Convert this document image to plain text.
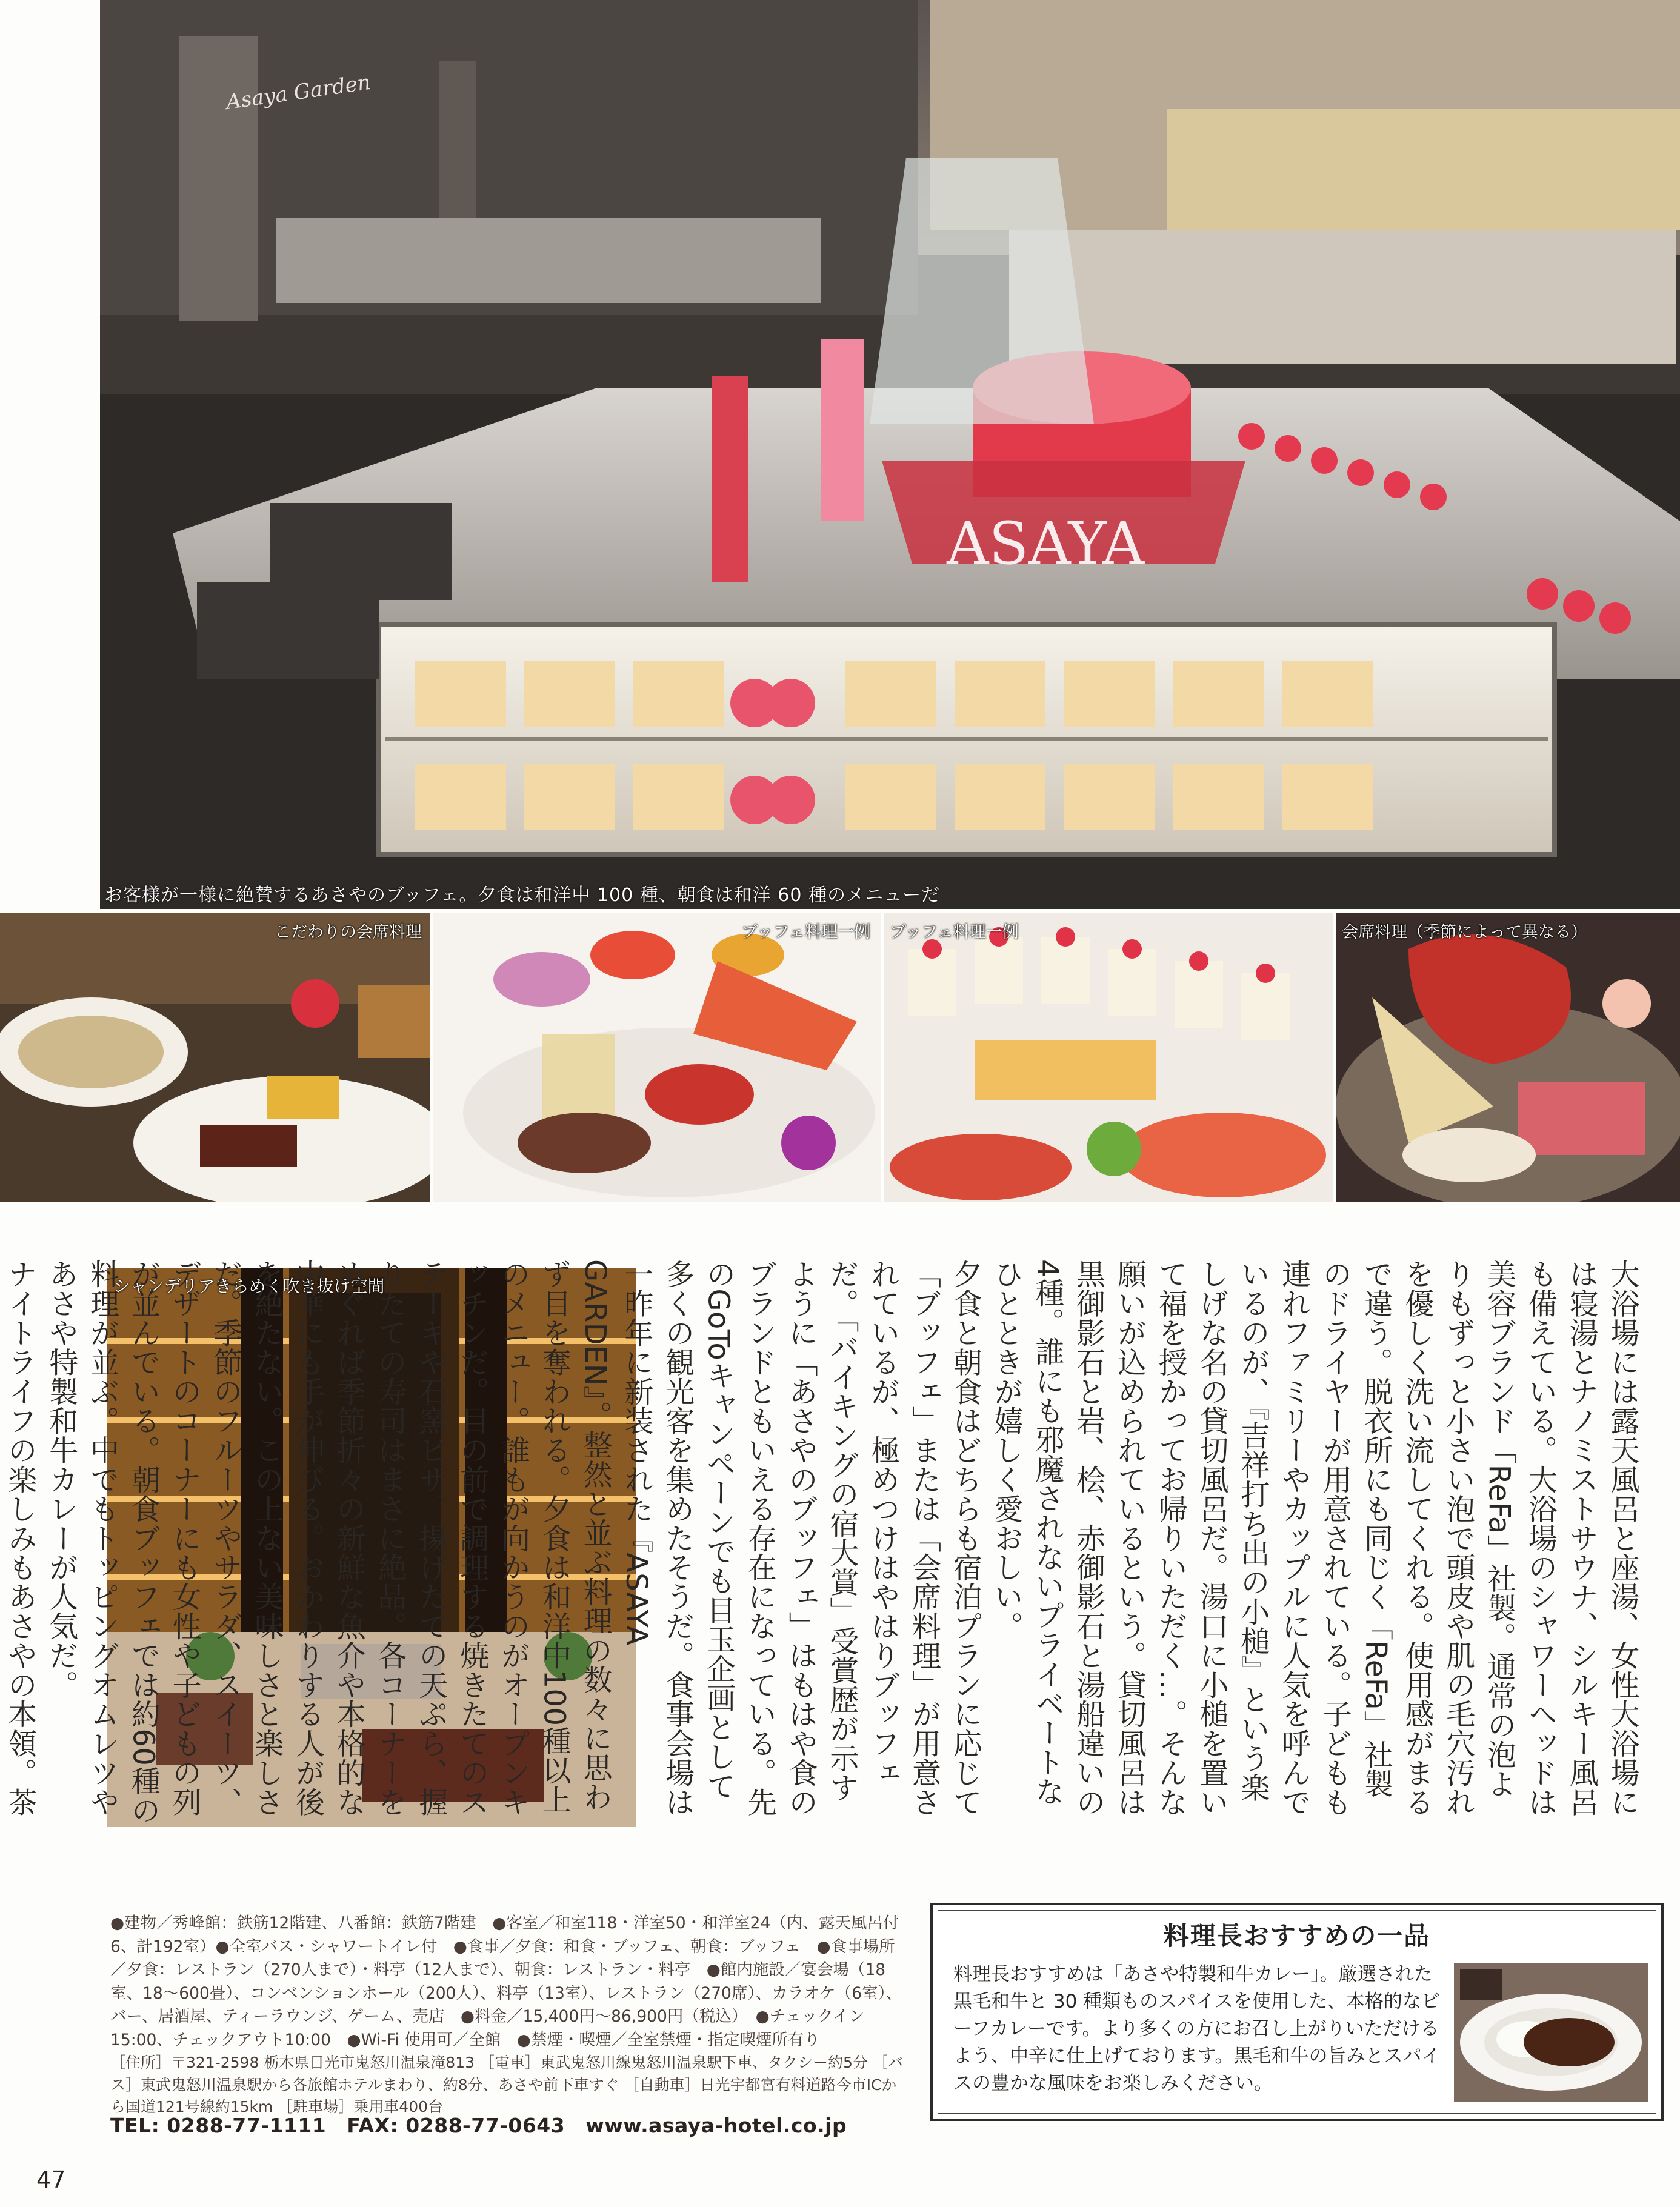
ASAYA
Asaya Garden
お客様が一様に絶賛するあさやのブッフェ。夕食は和洋中 100 種、朝食は和洋 60 種のメニューだ
こだわりの会席料理	ブッフェ料理一例 ブッフェ料理一例	会席料理（季節によって異なる）
シャンデリアきらめく吹き抜け空間	大浴場には露天風呂と座湯、女性大浴場には寝湯とナノミストサウナ、シルキー風呂も備えている。大浴場のシャワーヘッドは美容ブランド「ReFa」社製。通常の泡よりもずっと小さい泡で頭皮や肌の毛穴汚れを優しく洗い流してくれる。使用感がまるで違う。脱衣所にも同じく「ReFa」社製のドライヤーが用意されている。子どもも連れファミリーやカップルに人気を呼んでいるのが、『吉祥打ち出の小槌』という楽しげな名の貸切風呂だ。湯口に小槌を置いて福を授かってお帰りいただく…。そんな願いが込められているという。貸切風呂は黒御影石と岩、桧、赤御影石と湯船違いの4種。誰にも邪魔されないプライベートなひとときが嬉しく愛おしい。

夕食と朝食はどちらも宿泊プランに応じて「ブッフェ」または「会席料理」が用意されているが、極めつけはやはりブッフェだ。「バイキングの宿大賞」受賞歴が示すように「あさやのブッフェ」はもはや食のブランドともいえる存在になっている。先のGoToキャンペーンでも目玉企画として多くの観光客を集めたそうだ。食事会場は一昨年に新装された『ASAYA GARDEN』。整然と並ぶ料理の数々に思わず目を奪われる。夕食は和洋中100種以上のメニュー。誰もが向かうのがオープンキッチンだ。目の前で調理する焼きたてのステーキや石窯ピザ、揚げたての天ぷら、握りたての寿司はまさに絶品。各コーナーをめぐれば季節折々の新鮮な魚介や本格的な中華にも手が伸びる。おかわりする人が後を絶たない。この上ない美味しさと楽しさだ。季節のフルーツやサラダ、スイーツ、デザートのコーナーにも女性や子どもの列が並んでいる。朝食ブッフェでは約60種の料理が並ぶ。中でもトッピングオムレツやあさや特製和牛カレーが人気だ。

ナイトライフの楽しみもあさやの本領。茶

●建物／秀峰館：鉄筋12階建、八番館：鉄筋7階建　●客室／和室118・洋室50・和洋室24（内、露天風呂付6、計192室）●全室バス・シャワートイレ付　●食事／夕食：和食・ブッフェ、朝食：ブッフェ　●食事場所／夕食：レストラン（270人まで）・料亭（12人まで）、朝食：レストラン・料亭　●館内施設／宴会場（18室、18～600畳）、コンベンションホール（200人）、料亭（13室）、レストラン（270席）、カラオケ（6室）、バー、居酒屋、ティーラウンジ、ゲーム、売店　●料金／15,400円～86,900円（税込）　●チェックイン15:00、チェックアウト10:00　●Wi-Fi 使用可／全館　●禁煙・喫煙／全室禁煙・指定喫煙所有り
［住所］〒321-2598 栃木県日光市鬼怒川温泉滝813 ［電車］東武鬼怒川線鬼怒川温泉駅下車、タクシー約5分 ［バス］東武鬼怒川温泉駅から各旅館ホテルまわり、約8分、あさや前下車すぐ ［自動車］日光宇都宮有料道路今市ICから国道121号線約15km ［駐車場］乗用車400台
TEL: 0288-77-1111 FAX: 0288-77-0643 www.asaya-hotel.co.jp
47
料理長おすすめの一品
料理長おすすめは「あさや特製和牛カレー」。厳選された黒毛和牛と 30 種類ものスパイスを使用した、本格的なビーフカレーです。より多くの方にお召し上がりいただけるよう、中辛に仕上げております。黒毛和牛の旨みとスパイスの豊かな風味をお楽しみください。
